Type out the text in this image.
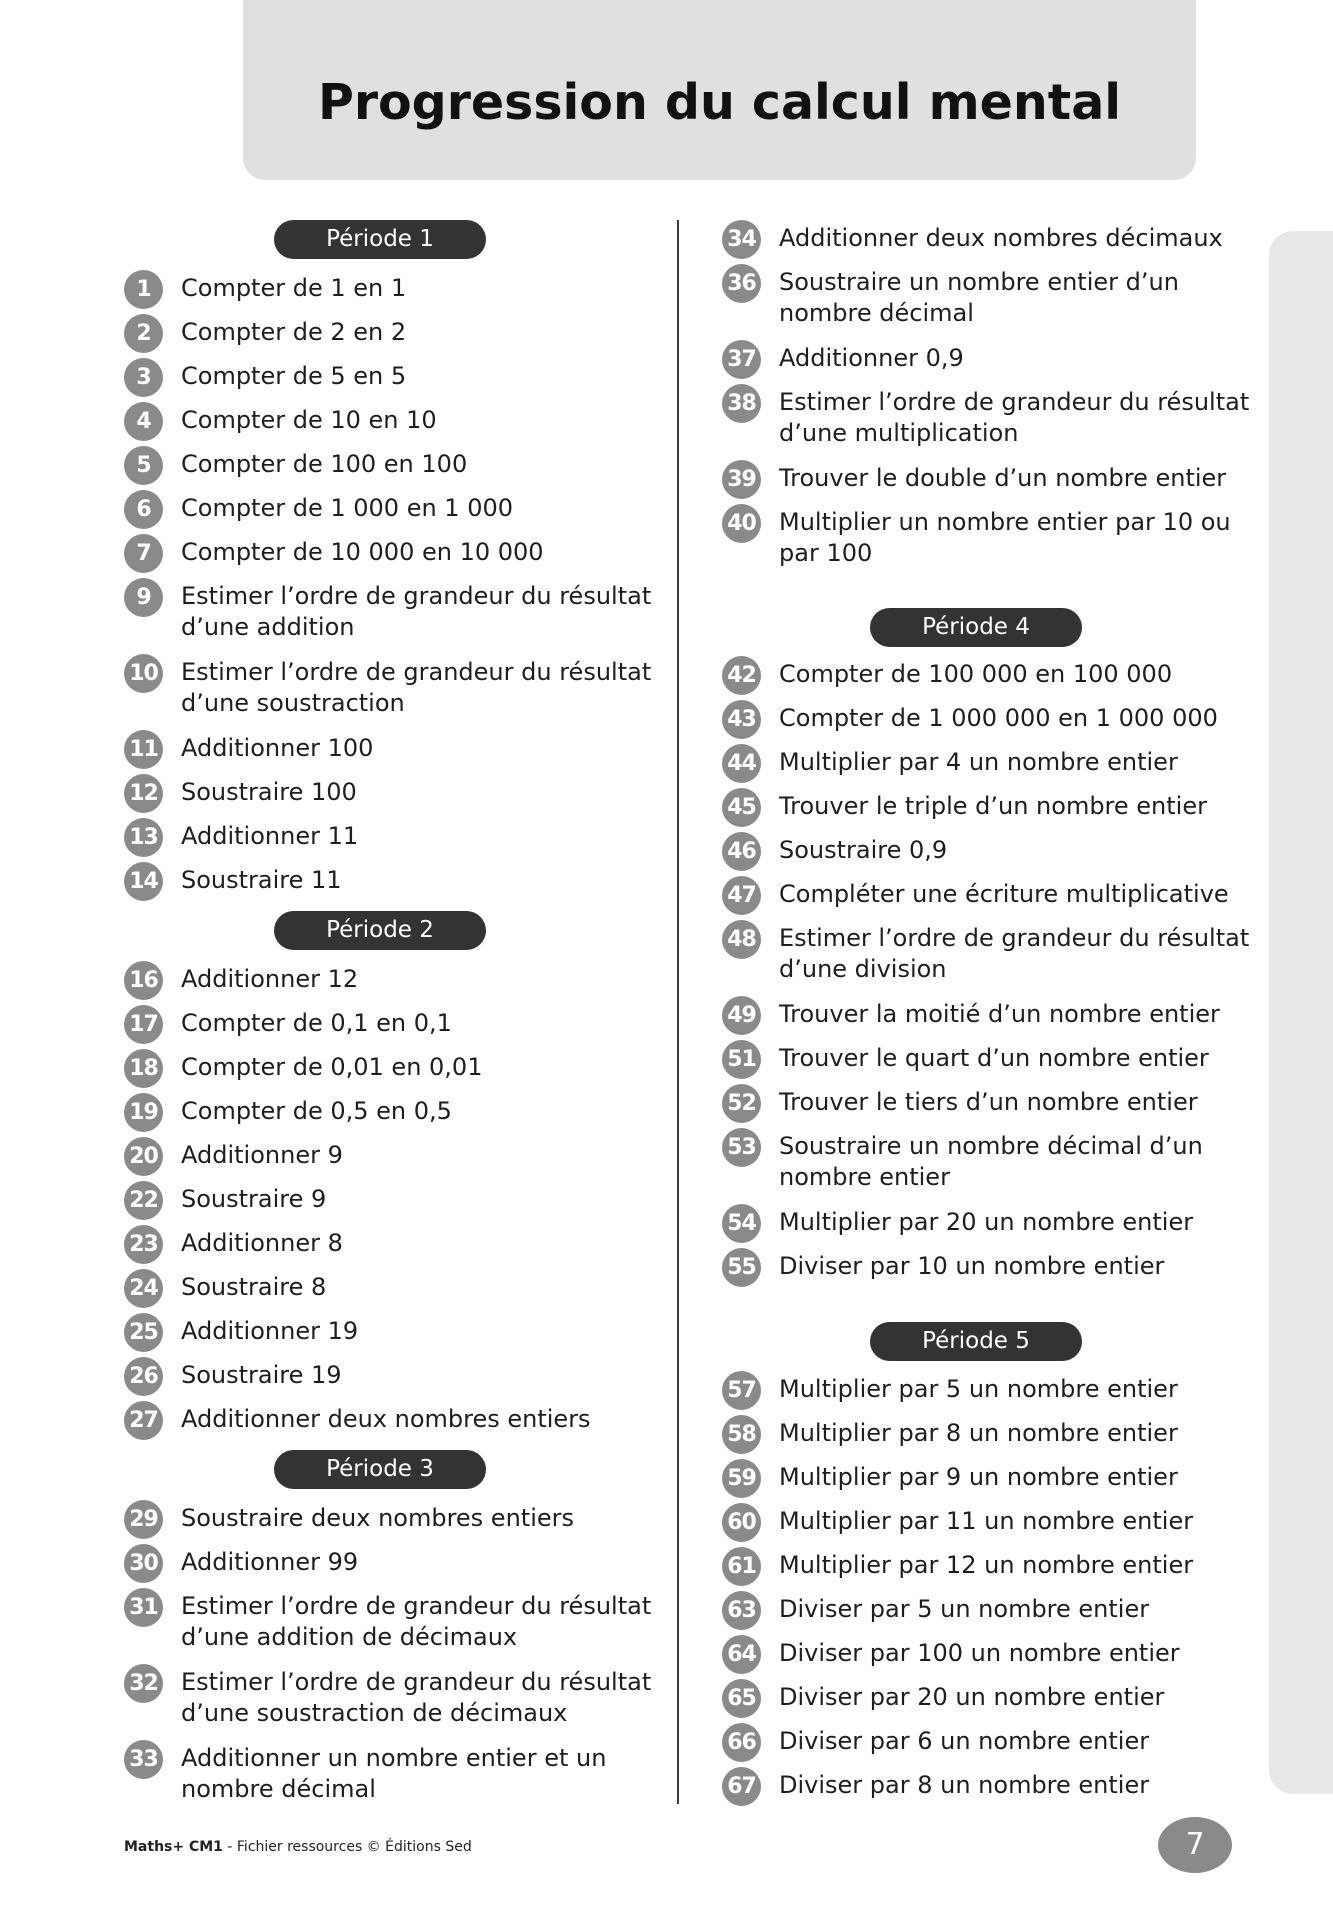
Progression du calcul mental
Période 1
1	Compter de 1 en 1
2	Compter de 2 en 2
3	Compter de 5 en 5
4	Compter de 10 en 10
5	Compter de 100 en 100
6	Compter de 1 000 en 1 000
7	Compter de 10 000 en 10 000
9	Estimer l’ordre de grandeur du résultat d’une addition
10 Estimer l’ordre de grandeur du résultat d’une soustraction
11 Additionner 100
12 Soustraire 100
13 Additionner 11
14 Soustraire 11
Période 2
16 Additionner 12
17 Compter de 0,1 en 0,1
18 Compter de 0,01 en 0,01
19 Compter de 0,5 en 0,5
20 Additionner 9
22 Soustraire 9
23 Additionner 8
24 Soustraire 8
25 Additionner 19
26 Soustraire 19
27 Additionner deux nombres entiers
Période 3
29 Soustraire deux nombres entiers
30 Additionner 99
31 Estimer l’ordre de grandeur du résultat d’une addition de décimaux
32 Estimer l’ordre de grandeur du résultat d’une soustraction de décimaux
33 Additionner un nombre entier et un nombre décimal
34 Additionner deux nombres décimaux
36 Soustraire un nombre entier d’un nombre décimal
37 Additionner 0,9
38 Estimer l’ordre de grandeur du résultat d’une multiplication
39 Trouver le double d’un nombre entier
40 Multiplier un nombre entier par 10 ou par 100
Période 4
42 Compter de 100 000 en 100 000
43 Compter de 1 000 000 en 1 000 000
44 Multiplier par 4 un nombre entier
45 Trouver le triple d’un nombre entier
46 Soustraire 0,9
47 Compléter une écriture multiplicative
48 Estimer l’ordre de grandeur du résultat d’une division
49 Trouver la moitié d’un nombre entier
51 Trouver le quart d’un nombre entier
52 Trouver le tiers d’un nombre entier
53 Soustraire un nombre décimal d’un nombre entier
54 Multiplier par 20 un nombre entier
55 Diviser par 10 un nombre entier
Période 5
57 Multiplier par 5 un nombre entier
58 Multiplier par 8 un nombre entier
59 Multiplier par 9 un nombre entier
60 Multiplier par 11 un nombre entier
61 Multiplier par 12 un nombre entier
63 Diviser par 5 un nombre entier
64 Diviser par 100 un nombre entier
65 Diviser par 20 un nombre entier
66 Diviser par 6 un nombre entier
67 Diviser par 8 un nombre entier
Maths+ CM1 - Fichier ressources © Éditions Sed	7
